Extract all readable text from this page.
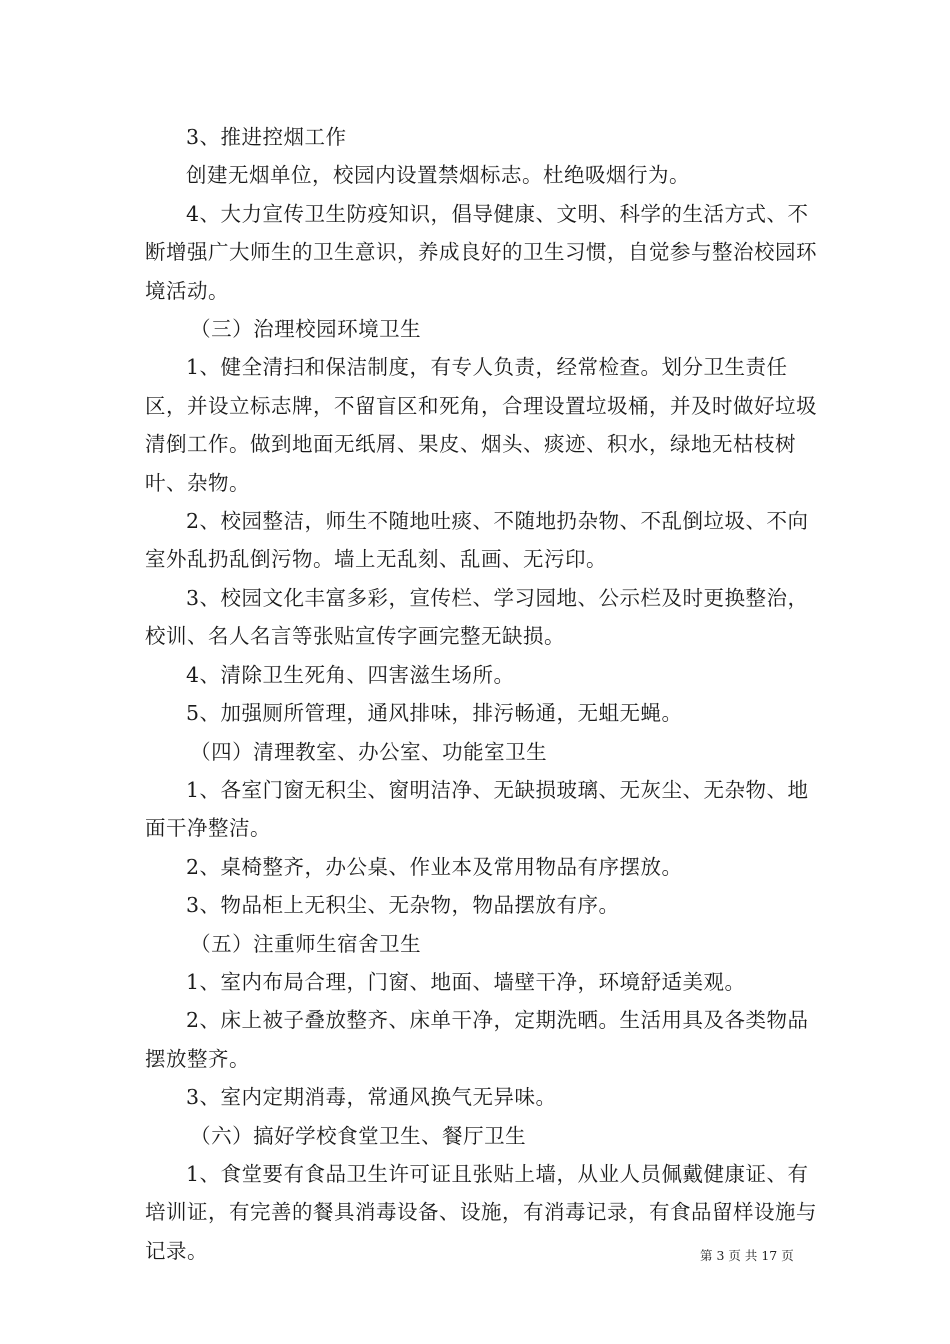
3、推进控烟工作

创建无烟单位，校园内设置禁烟标志。杜绝吸烟行为。

4、大力宣传卫生防疫知识，倡导健康、文明、科学的生活方式、不断增强广大师生的卫生意识，养成良好的卫生习惯，自觉参与整治校园环境活动。

（三）治理校园环境卫生

1、健全清扫和保洁制度，有专人负责，经常检查。划分卫生责任区，并设立标志牌，不留盲区和死角，合理设置垃圾桶，并及时做好垃圾清倒工作。做到地面无纸屑、果皮、烟头、痰迹、积水，绿地无枯枝树叶、杂物。

2、校园整洁，师生不随地吐痰、不随地扔杂物、不乱倒垃圾、不向室外乱扔乱倒污物。墙上无乱刻、乱画、无污印。

3、校园文化丰富多彩，宣传栏、学习园地、公示栏及时更换整治，校训、名人名言等张贴宣传字画完整无缺损。

4、清除卫生死角、四害滋生场所。

5、加强厕所管理，通风排味，排污畅通，无蛆无蝇。

（四）清理教室、办公室、功能室卫生

1、各室门窗无积尘、窗明洁净、无缺损玻璃、无灰尘、无杂物、地面干净整洁。

2、桌椅整齐，办公桌、作业本及常用物品有序摆放。

3、物品柜上无积尘、无杂物，物品摆放有序。

（五）注重师生宿舍卫生

1、室内布局合理，门窗、地面、墙壁干净，环境舒适美观。

2、床上被子叠放整齐、床单干净，定期洗晒。生活用具及各类物品摆放整齐。

3、室内定期消毒，常通风换气无异味。

（六）搞好学校食堂卫生、餐厅卫生

1、食堂要有食品卫生许可证且张贴上墙，从业人员佩戴健康证、有培训证，有完善的餐具消毒设备、设施，有消毒记录，有食品留样设施与记录。	第 3 页 共 17 页
